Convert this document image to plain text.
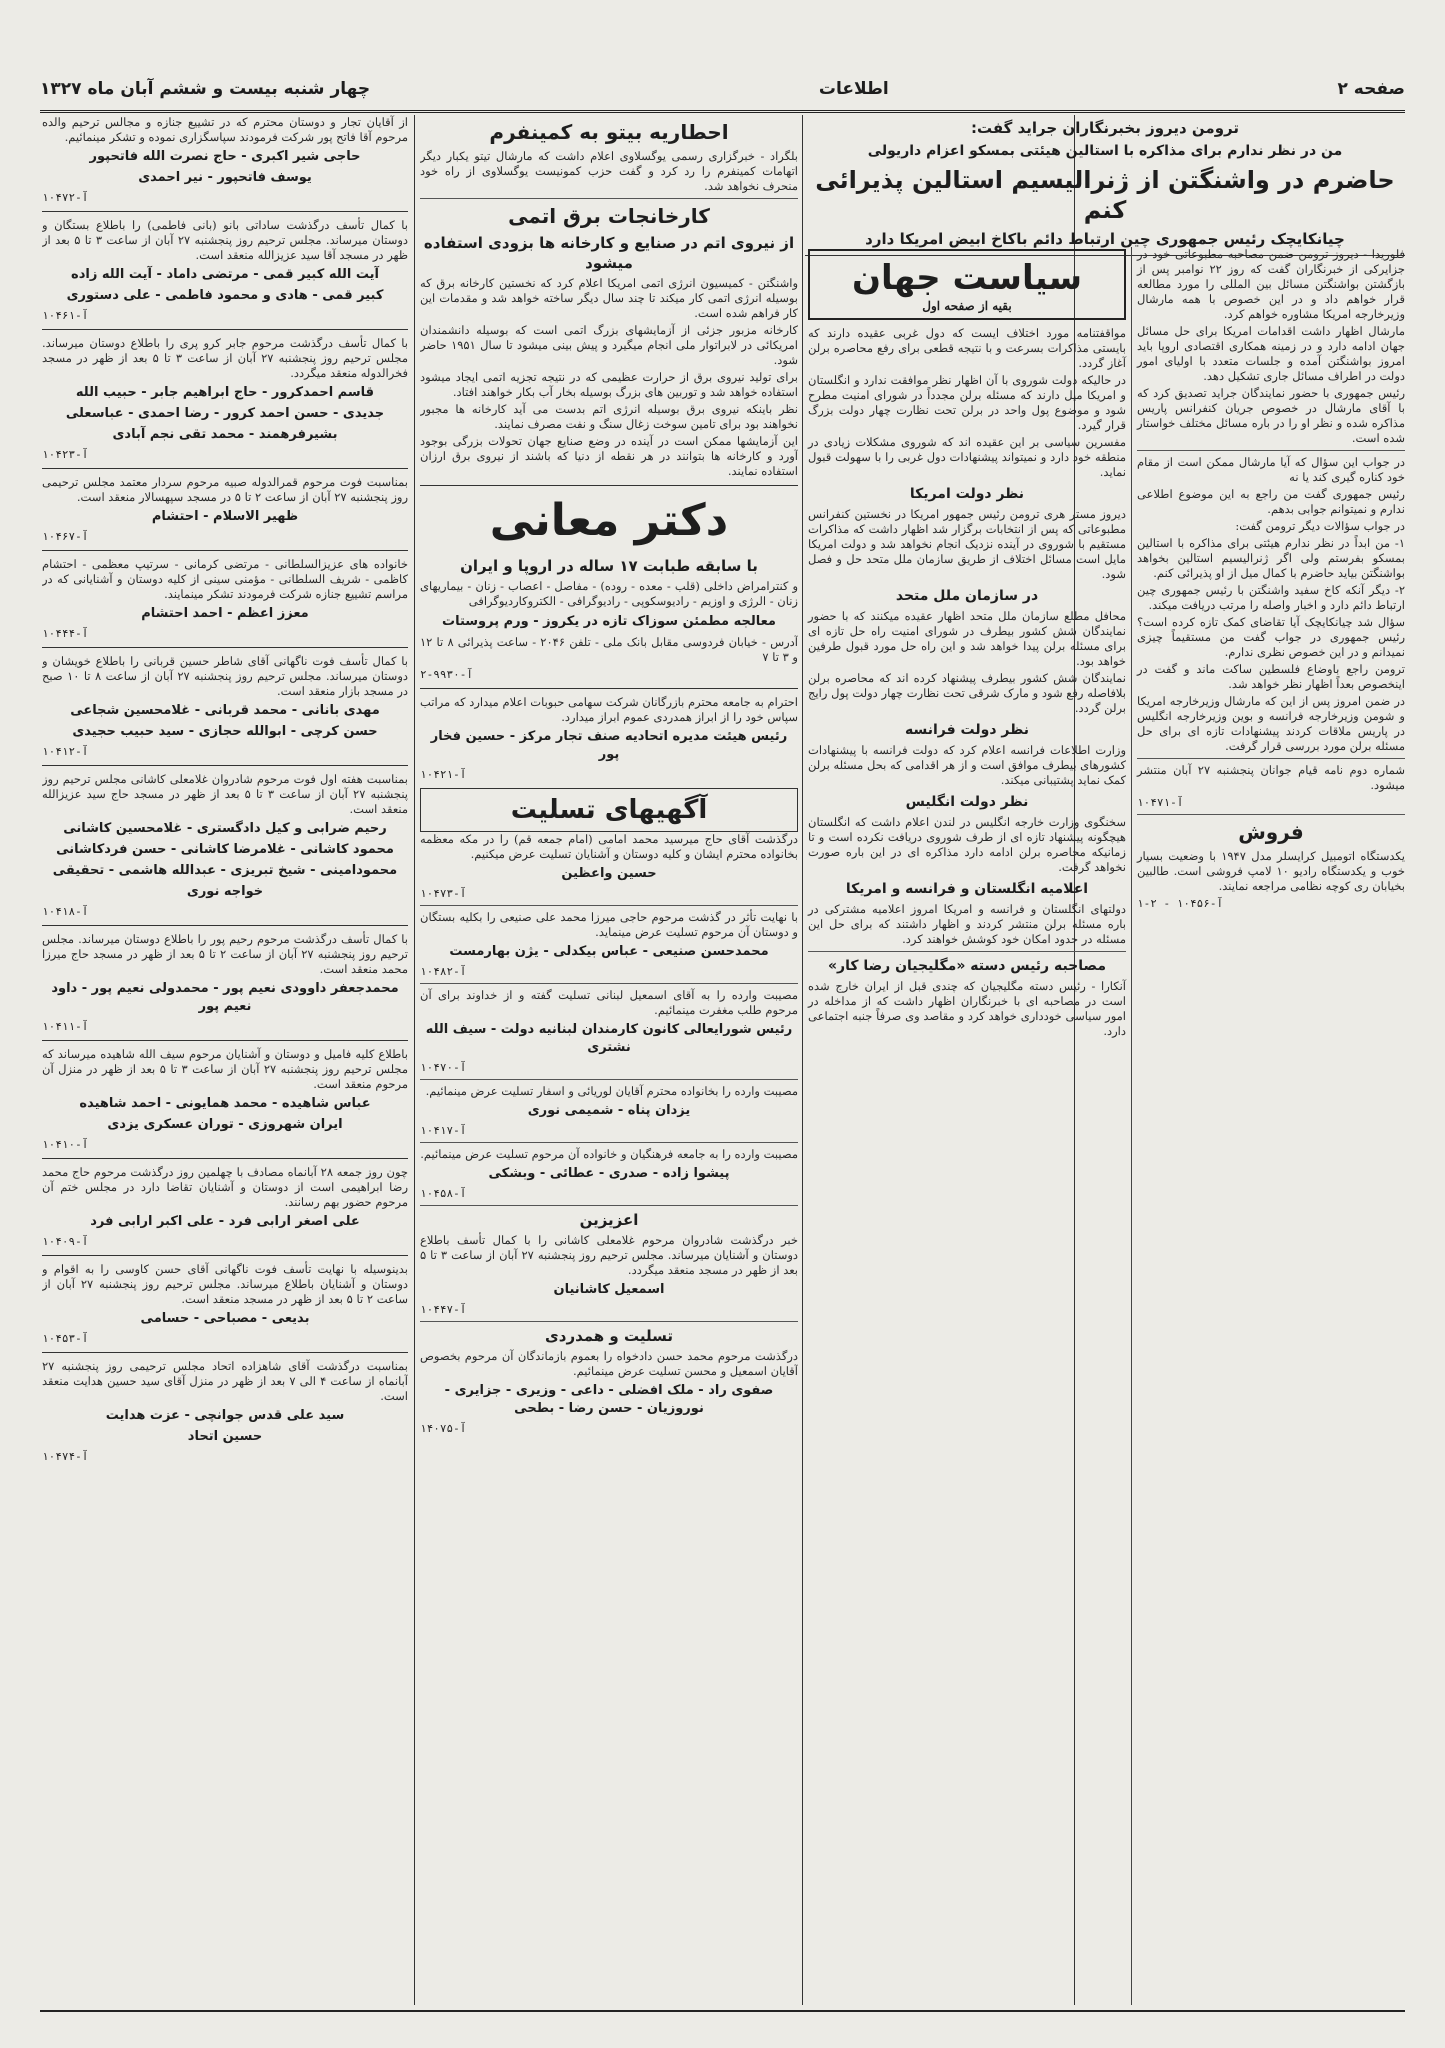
صفحه ۲
اطلاعات
چهار شنبه بیست و ششم آبان ماه ۱۳۲۷
ترومن دیروز بخبرنگاران جراید گفت:
من در نظر ندارم برای مذاکره با استالین هیئتی بمسکو اعزام داریولی
حاضرم در واشنگتن از ژنرالیسیم استالین پذیرائی کنم
چیانکایچک رئیس جمهوری چین ارتباط دائم باکاخ ابیض امریکا دارد

فلوریدا - دیروز ترومن ضمن مصاحبه مطبوعاتی خود در جزایرکی از خبرنگاران گفت که روز ۲۲ نوامبر پس از بازگشتن بواشنگتن مسائل بین المللی را مورد مطالعه قرار خواهم داد و در این خصوص با همه مارشال وزیرخارجه امریکا مشاوره خواهم کرد.

مارشال اظهار داشت اقدامات امریکا برای حل مسائل جهان ادامه دارد و در زمینه همکاری اقتصادی اروپا باید امروز بواشنگتن آمده و جلسات متعدد با اولیای امور دولت در اطراف مسائل جاری تشکیل دهد.

رئیس جمهوری با حضور نمایندگان جراید تصدیق کرد که با آقای مارشال در خصوص جریان کنفرانس پاریس مذاکره شده و نظر او را در باره مسائل مختلف خواستار شده است.

در جواب این سؤال که آیا مارشال ممکن است از مقام خود کناره گیری کند یا نه

رئیس جمهوری گفت من راجع به این موضوع اطلاعی ندارم و نمیتوانم جوابی بدهم.

در جواب سؤالات دیگر ترومن گفت:

۱- من ابداً در نظر ندارم هیئتی برای مذاکره با استالین بمسکو بفرستم ولی اگر ژنرالیسیم استالین بخواهد بواشنگتن بیاید حاضرم با کمال میل از او پذیرائی کنم.

۲- دیگر آنکه کاخ سفید واشنگتن با رئیس جمهوری چین ارتباط دائم دارد و اخبار واصله را مرتب دریافت میکند.

سؤال شد چیانکایچک آیا تقاضای کمک تازه کرده است؟ رئیس جمهوری در جواب گفت من مستقیماً چیزی نمیدانم و در این خصوص نظری ندارم.

ترومن راجع باوضاع فلسطین ساکت ماند و گفت در اینخصوص بعداً اظهار نظر خواهد شد.

در ضمن امروز پس از این که مارشال وزیرخارجه امریکا و شومن وزیرخارجه فرانسه و بوین وزیرخارجه انگلیس در پاریس ملاقات کردند پیشنهادات تازه ای برای حل مسئله برلن مورد بررسی قرار گرفت.

شماره دوم نامه قیام جوانان پنجشنبه ۲۷ آبان منتشر میشود.

آ-۱۰۴۷۱
فروش

یکدستگاه اتومبیل کرایسلر مدل ۱۹۴۷ با وضعیت بسیار خوب و یکدستگاه رادیو ۱۰ لامپ فروشی است. طالبین بخیابان ری کوچه نظامی مراجعه نمایند.

آ-۱۰۴۵۶ - ۲-۱
سیاست جهان
بقیه از صفحه اول

مواقفتنامه مورد اختلاف ایست که دول غربی عقیده دارند که بایستی مذاکرات بسرعت و با نتیجه قطعی برای رفع محاصره برلن آغاز گردد.

در حالیکه دولت شوروی با آن اظهار نظر موافقت ندارد و انگلستان و امریکا میل دارند که مسئله برلن مجدداً در شورای امنیت مطرح شود و موضوع پول واحد در برلن تحت نظارت چهار دولت بزرگ قرار گیرد.

مفسرین سیاسی بر این عقیده اند که شوروی مشکلات زیادی در منطقه خود دارد و نمیتواند پیشنهادات دول غربی را با سهولت قبول نماید.

نظر دولت امریکا

دیروز مستر هری ترومن رئیس جمهور امریکا در نخستین کنفرانس مطبوعاتی که پس از انتخابات برگزار شد اظهار داشت که مذاکرات مستقیم با شوروی در آینده نزدیک انجام نخواهد شد و دولت امریکا مایل است مسائل اختلاف از طریق سازمان ملل متحد حل و فصل شود.

در سازمان ملل متحد

محافل مطلع سازمان ملل متحد اظهار عقیده میکنند که با حضور نمایندگان شش کشور بیطرف در شورای امنیت راه حل تازه ای برای مسئله برلن پیدا خواهد شد و این راه حل مورد قبول طرفین خواهد بود.

نمایندگان شش کشور بیطرف پیشنهاد کرده اند که محاصره برلن بلافاصله رفع شود و مارک شرقی تحت نظارت چهار دولت پول رایج برلن گردد.

نظر دولت فرانسه

وزارت اطلاعات فرانسه اعلام کرد که دولت فرانسه با پیشنهادات کشورهای بیطرف موافق است و از هر اقدامی که بحل مسئله برلن کمک نماید پشتیبانی میکند.

نظر دولت انگلیس

سخنگوی وزارت خارجه انگلیس در لندن اعلام داشت که انگلستان هیچگونه پیشنهاد تازه ای از طرف شوروی دریافت نکرده است و تا زمانیکه محاصره برلن ادامه دارد مذاکره ای در این باره صورت نخواهد گرفت.

اعلامیه انگلستان و فرانسه و امریکا

دولتهای انگلستان و فرانسه و امریکا امروز اعلامیه مشترکی در باره مسئله برلن منتشر کردند و اظهار داشتند که برای حل این مسئله در حدود امکان خود کوشش خواهند کرد.

مصاحبه رئیس دسته «مگلیجیان رضا کار»

آنکارا - رئیس دسته مگلیجیان که چندی قبل از ایران خارج شده است در مصاحبه ای با خبرنگاران اظهار داشت که از مداخله در امور سیاسی خودداری خواهد کرد و مقاصد وی صرفاً جنبه اجتماعی دارد.

احطاریه بیتو به کمینفرم

بلگراد - خبرگزاری رسمی یوگسلاوی اعلام داشت که مارشال تیتو یکبار دیگر اتهامات کمینفرم را رد کرد و گفت حزب کمونیست یوگسلاوی از راه خود منحرف نخواهد شد.

کارخانجات برق اتمی
از نیروی اتم در صنایع و کارخانه ها بزودی استفاده میشود

واشنگتن - کمیسیون انرژی اتمی امریکا اعلام کرد که نخستین کارخانه برق که بوسیله انرژی اتمی کار میکند تا چند سال دیگر ساخته خواهد شد و مقدمات این کار فراهم شده است.

کارخانه مزبور جزئی از آزمایشهای بزرگ اتمی است که بوسیله دانشمندان امریکائی در لابراتوار ملی انجام میگیرد و پیش بینی میشود تا سال ۱۹۵۱ حاضر شود.

برای تولید نیروی برق از حرارت عظیمی که در نتیجه تجزیه اتمی ایجاد میشود استفاده خواهد شد و توربین های بزرگ بوسیله بخار آب بکار خواهند افتاد.

نظر باینکه نیروی برق بوسیله انرژی اتم بدست می آید کارخانه ها مجبور نخواهند بود برای تامین سوخت زغال سنگ و نفت مصرف نمایند.

این آزمایشها ممکن است در آینده در وضع صنایع جهان تحولات بزرگی بوجود آورد و کارخانه ها بتوانند در هر نقطه از دنیا که باشند از نیروی برق ارزان استفاده نمایند.

دکتر معانی
با سابقه طبابت ۱۷ ساله در اروپا و ایران

و کنترامراض داخلی (قلب - معده - روده) - مفاصل - اعصاب - زنان - بیماریهای زنان - الرژی و اوزیم - رادیوسکوپی - رادیوگرافی - الکتروکاردیوگرافی

معالجه مطمئن سوزاک تازه در یکروز - ورم پروستات

آدرس - خیابان فردوسی مقابل بانک ملی - تلفن ۲۰۴۶ - ساعت پذیرائی ۸ تا ۱۲ و ۳ تا ۷

آ-۹۹۳۰-۲

احترام به جامعه محترم بازرگانان شرکت سهامی حبوبات اعلام میدارد که مراتب سپاس خود را از ابراز همدردی عموم ابراز میدارد.

رئیس هیئت مدیره اتحادیه صنف تجار مرکز - حسین فخار پور
آ-۱۰۴۲۱
آگهیهای تسلیت

درگذشت آقای حاج میرسید محمد امامی (امام جمعه قم) را در مکه معظمه بخانواده محترم ایشان و کلیه دوستان و آشنایان تسلیت عرض میکنیم.

حسین واعظین
آ-۱۰۴۷۳

با نهایت تأثر در گذشت مرحوم حاجی میرزا محمد علی صنیعی را بکلیه بستگان و دوستان آن مرحوم تسلیت عرض مینماید.

محمدحسن صنیعی - عباس بیکدلی - یژن بهارمست
آ-۱۰۴۸۲

مصیبت وارده را به آقای اسمعیل لبنانی تسلیت گفته و از خداوند برای آن مرحوم طلب مغفرت مینمائیم.

رئیس شورایعالی کانون کارمندان لبنانیه دولت - سیف الله نشتری
آ-۱۰۴۷۰

مصیبت وارده را بخانواده محترم آقایان لوریائی و اسفار تسلیت عرض مینمائیم.

یزدان پناه - شمیمی نوری
آ-۱۰۴۱۷

مصیبت وارده را به جامعه فرهنگیان و خانواده آن مرحوم تسلیت عرض مینمائیم.

پیشوا زاده - صدری - عطائی - وبشکی
آ-۱۰۴۵۸
اعزیزین

خبر درگذشت شادروان مرحوم غلامعلی کاشانی را با کمال تأسف باطلاع دوستان و آشنایان میرساند. مجلس ترحیم روز پنجشنبه ۲۷ آبان از ساعت ۳ تا ۵ بعد از ظهر در مسجد منعقد میگردد.

اسمعیل کاشانیان
آ-۱۰۴۴۷
تسلیت و همدردی

درگذشت مرحوم محمد حسن دادخواه را بعموم بازماندگان آن مرحوم بخصوص آقایان اسمعیل و محسن تسلیت عرض مینمائیم.

صفوی راد - ملک افضلی - داعی - وزیری - جزایری - نوروزیان - حسن رضا - بطحی
آ-۱۴۰۷۵

از آقایان تجار و دوستان محترم که در تشییع جنازه و مجالس ترحیم والده مرحوم آقا فاتح پور شرکت فرمودند سپاسگزاری نموده و تشکر مینمائیم.

حاجی شیر اکبری - حاج نصرت الله فاتحپور
یوسف فاتحپور - نیر احمدی
آ-۱۰۴۷۲

با کمال تأسف درگذشت ساداتی بانو (بانی فاطمی) را باطلاع بستگان و دوستان میرساند. مجلس ترحیم روز پنجشنبه ۲۷ آبان از ساعت ۳ تا ۵ بعد از ظهر در مسجد آقا سید عزیزالله منعقد است.

آیت الله کبیر قمی - مرتضی داماد - آیت الله زاده
کبیر قمی - هادی و محمود فاطمی - علی دستوری
آ-۱۰۴۶۱

با کمال تأسف درگذشت مرحوم جابر کرو پری را باطلاع دوستان میرساند. مجلس ترحیم روز پنجشنبه ۲۷ آبان از ساعت ۳ تا ۵ بعد از ظهر در مسجد فخرالدوله منعقد میگردد.

قاسم احمدکرور - حاج ابراهیم جابر - حبیب الله
جدیدی - حسن احمد کرور - رضا احمدی - عباسعلی
بشیرفرهمند - محمد تقی نجم آبادی
آ-۱۰۴۲۳

بمناسبت فوت مرحوم قمرالدوله صبیه مرحوم سردار معتمد مجلس ترحیمی روز پنجشنبه ۲۷ آبان از ساعت ۲ تا ۵ در مسجد سپهسالار منعقد است.

ظهیر الاسلام - احتشام
آ-۱۰۴۶۷

خانواده های عزیزالسلطانی - مرتضی کرمانی - سرتیپ معظمی - احتشام کاظمی - شریف السلطانی - مؤمنی سینی از کلیه دوستان و آشنایانی که در مراسم تشییع جنازه شرکت فرمودند تشکر مینمایند.

معزز اعظم - احمد احتشام
آ-۱۰۴۴۴

با کمال تأسف فوت ناگهانی آقای شاطر حسین قربانی را باطلاع خویشان و دوستان میرساند. مجلس ترحیم روز پنجشنبه ۲۷ آبان از ساعت ۸ تا ۱۰ صبح در مسجد بازار منعقد است.

مهدی بانانی - محمد قربانی - غلامحسین شجاعی
حسن کرچی - ابوالله حجازی - سید حبیب حجیدی
آ-۱۰۴۱۲

بمناسبت هفته اول فوت مرحوم شادروان غلامعلی کاشانی مجلس ترحیم روز پنجشنبه ۲۷ آبان از ساعت ۳ تا ۵ بعد از ظهر در مسجد حاج سید عزیزالله منعقد است.

رحیم ضرابی و کیل دادگستری - غلامحسین کاشانی
محمود کاشانی - غلامرضا کاشانی - حسن فردکاشانی
محمودامینی - شیخ تبریزی - عبدالله هاشمی - تحقیقی
خواجه نوری
آ-۱۰۴۱۸

با کمال تأسف درگذشت مرحوم رحیم پور را باطلاع دوستان میرساند. مجلس ترحیم روز پنجشنبه ۲۷ آبان از ساعت ۲ تا ۵ بعد از ظهر در مسجد حاج میرزا محمد منعقد است.

محمدجعفر داوودی نعیم پور - محمدولی نعیم پور - داود نعیم پور
آ-۱۰۴۱۱

باطلاع کلیه فامیل و دوستان و آشنایان مرحوم سیف الله شاهیده میرساند که مجلس ترحیم روز پنجشنبه ۲۷ آبان از ساعت ۳ تا ۵ بعد از ظهر در منزل آن مرحوم منعقد است.

عباس شاهیده - محمد همایونی - احمد شاهیده
ایران شهروزی - توران عسکری یزدی
آ-۱۰۴۱۰

چون روز جمعه ۲۸ آبانماه مصادف با چهلمین روز درگذشت مرحوم حاج محمد رضا ابراهیمی است از دوستان و آشنایان تقاضا دارد در مجلس ختم آن مرحوم حضور بهم رسانند.

علی اصغر ارابی فرد - علی اکبر ارابی فرد
آ-۱۰۴۰۹

بدینوسیله با نهایت تأسف فوت ناگهانی آقای حسن کاوسی را به اقوام و دوستان و آشنایان باطلاع میرساند. مجلس ترحیم روز پنجشنبه ۲۷ آبان از ساعت ۲ تا ۵ بعد از ظهر در مسجد منعقد است.

بدیعی - مصباحی - حسامی
آ-۱۰۴۵۳

بمناسبت درگذشت آقای شاهزاده اتحاد مجلس ترحیمی روز پنجشنبه ۲۷ آبانماه از ساعت ۴ الی ۷ بعد از ظهر در منزل آقای سید حسین هدایت منعقد است.

سید علی قدس جوانچی - عزت هدایت
حسین اتحاد
آ-۱۰۴۷۴
